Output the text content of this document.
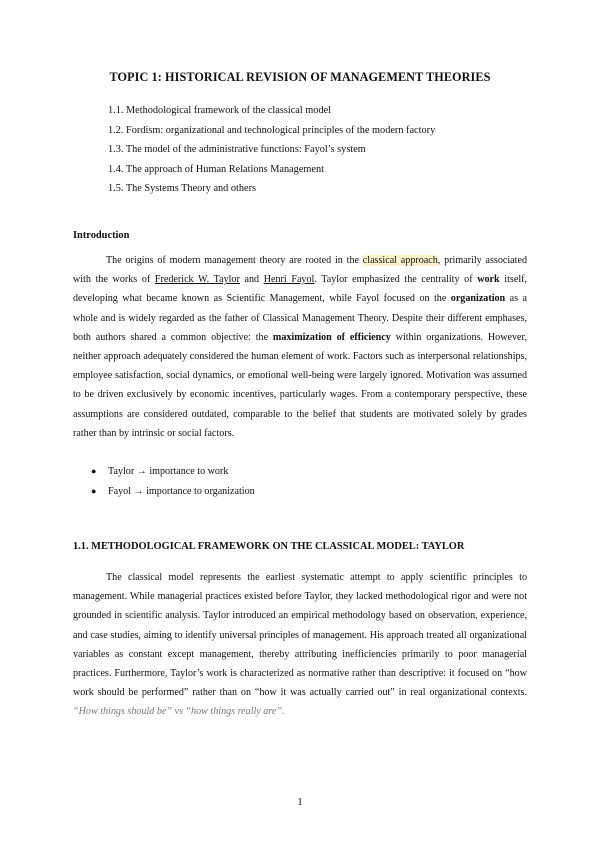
TOPIC 1: HISTORICAL REVISION OF MANAGEMENT THEORIES
1.1. Methodological framework of the classical model
1.2. Fordism: organizational and technological principles of the modern factory
1.3. The model of the administrative functions: Fayol’s system
1.4. The approach of Human Relations Management
1.5. The Systems Theory and others

Introduction

The origins of modern management theory are rooted in the classical approach, primarily associated with the works of Frederick W. Taylor and Henri Fayol. Taylor emphasized the centrality of work itself, developing what became known as Scientific Management, while Fayol focused on the organization as a whole and is widely regarded as the father of Classical Management Theory. Despite their different emphases, both authors shared a common objective: the maximization of efficiency within organizations. However, neither approach adequately considered the human element of work. Factors such as interpersonal relationships, employee satisfaction, social dynamics, or emotional well-being were largely ignored. Motivation was assumed to be driven exclusively by economic incentives, particularly wages. From a contemporary perspective, these assumptions are considered outdated, comparable to the belief that students are motivated solely by grades rather than by intrinsic or social factors.

●	Taylor → importance to work
●	Fayol → importance to organization

1.1. METHODOLOGICAL FRAMEWORK ON THE CLASSICAL MODEL: TAYLOR

The classical model represents the earliest systematic attempt to apply scientific principles to management. While managerial practices existed before Taylor, they lacked methodological rigor and were not grounded in scientific analysis. Taylor introduced an empirical methodology based on observation, experience, and case studies, aiming to identify universal principles of management. His approach treated all organizational variables as constant except management, thereby attributing inefficiencies primarily to poor managerial practices. Furthermore, Taylor’s work is characterized as normative rather than descriptive: it focused on “how work should be performed” rather than on “how it was actually carried out” in real organizational contexts. “How things should be” vs “how things really are”.

1
